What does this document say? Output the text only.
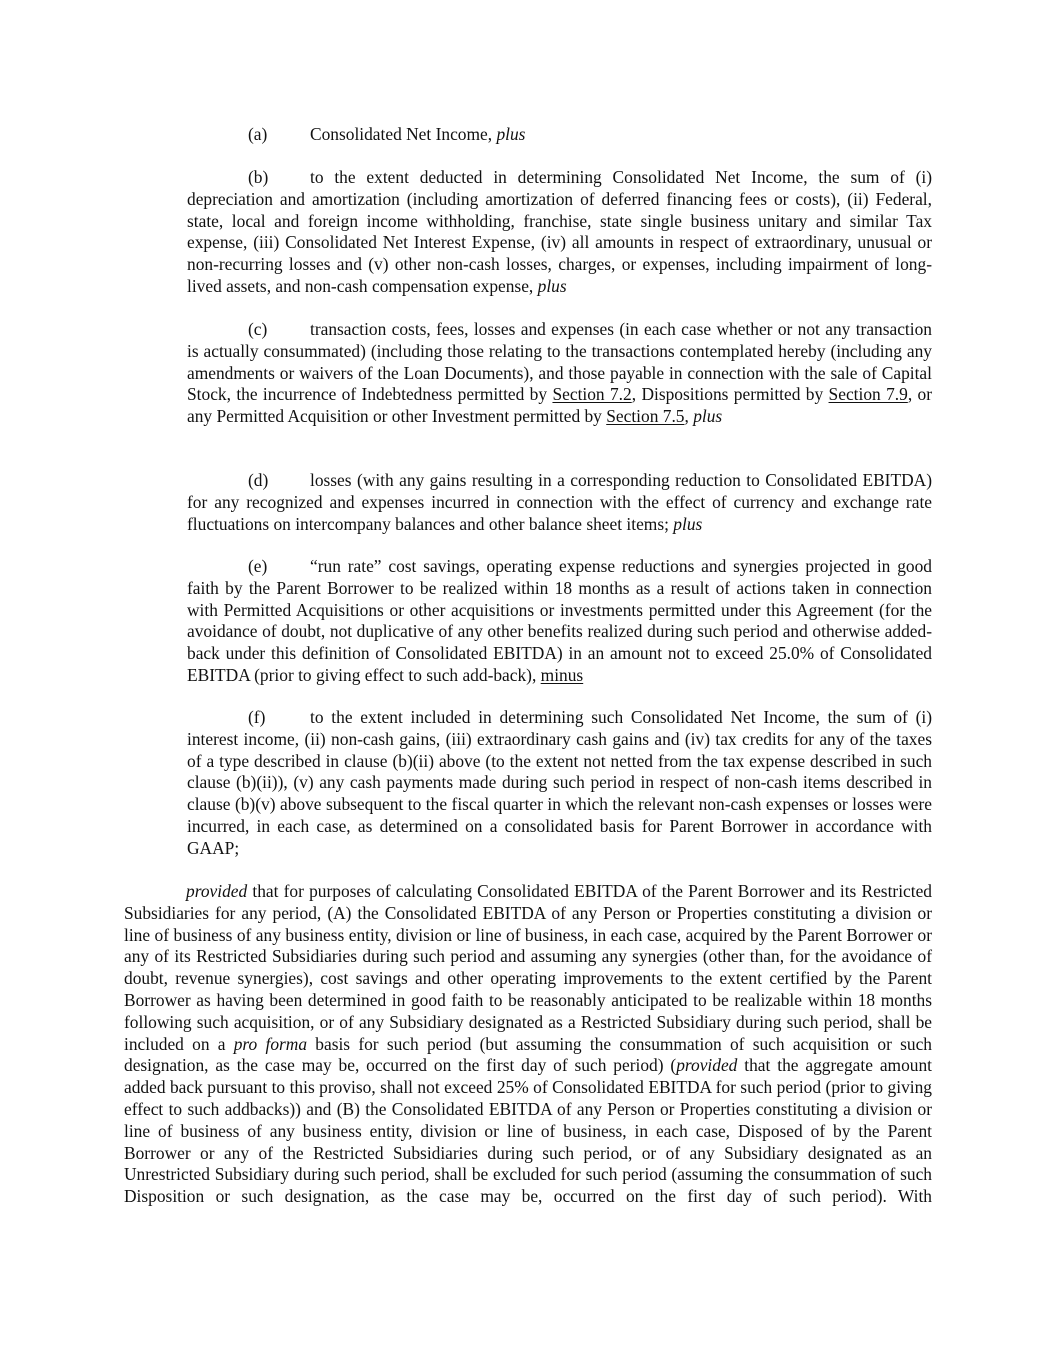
(a) Consolidated Net Income, plus
(b) to the extent deducted in determining Consolidated Net Income, the sum of (i) depreciation and amortization (including amortization of deferred financing fees or costs), (ii) Federal, state, local and foreign income withholding, franchise, state single business unitary and similar Tax expense, (iii) Consolidated Net Interest Expense, (iv) all amounts in respect of extraordinary, unusual or non-recurring losses and (v) other non-cash losses, charges, or expenses, including impairment of long-lived assets, and non-cash compensation expense, plus
(c) transaction costs, fees, losses and expenses (in each case whether or not any transaction is actually consummated) (including those relating to the transactions contemplated hereby (including any amendments or waivers of the Loan Documents), and those payable in connection with the sale of Capital Stock, the incurrence of Indebtedness permitted by Section 7.2, Dispositions permitted by Section 7.9, or any Permitted Acquisition or other Investment permitted by Section 7.5, plus
(d) losses (with any gains resulting in a corresponding reduction to Consolidated EBITDA) for any recognized and expenses incurred in connection with the effect of currency and exchange rate fluctuations on intercompany balances and other balance sheet items; plus
(e) “run rate” cost savings, operating expense reductions and synergies projected in good faith by the Parent Borrower to be realized within 18 months as a result of actions taken in connection with Permitted Acquisitions or other acquisitions or investments permitted under this Agreement (for the avoidance of doubt, not duplicative of any other benefits realized during such period and otherwise added-back under this definition of Consolidated EBITDA) in an amount not to exceed 25.0% of Consolidated EBITDA (prior to giving effect to such add-back), minus
(f)	to the extent included in determining such Consolidated Net Income, the sum of (i) interest income, (ii) non-cash gains, (iii) extraordinary cash gains and (iv) tax credits for any of the taxes of a type described in clause (b)(ii) above (to the extent not netted from the tax expense described in such clause (b)(ii)), (v) any cash payments made during such period in respect of non-cash items described in clause (b)(v) above subsequent to the fiscal quarter in which the relevant non-cash expenses or losses were incurred, in each case, as determined on a consolidated basis for Parent Borrower in accordance with GAAP;
provided that for purposes of calculating Consolidated EBITDA of the Parent Borrower and its Restricted Subsidiaries for any period, (A) the Consolidated EBITDA of any Person or Properties constituting a division or line of business of any business entity, division or line of business, in each case, acquired by the Parent Borrower or any of its Restricted Subsidiaries during such period and assuming any synergies (other than, for the avoidance of doubt, revenue synergies), cost savings and other operating improvements to the extent certified by the Parent Borrower as having been determined in good faith to be reasonably anticipated to be realizable within 18 months following such acquisition, or of any Subsidiary designated as a Restricted Subsidiary during such period, shall be included on a pro forma basis for such period (but assuming the consummation of such acquisition or such designation, as the case may be, occurred on the first day of such period) (provided that the aggregate amount added back pursuant to this proviso, shall not exceed 25% of Consolidated EBITDA for such period (prior to giving effect to such addbacks)) and (B) the Consolidated EBITDA of any Person or Properties constituting a division or line of business of any business entity, division or line of business, in each case, Disposed of by the Parent Borrower or any of the Restricted Subsidiaries during such period, or of any Subsidiary designated as an Unrestricted Subsidiary during such period, shall be excluded for such period (assuming the consummation of such Disposition or such designation, as the case may be, occurred on the first day of such period). With
